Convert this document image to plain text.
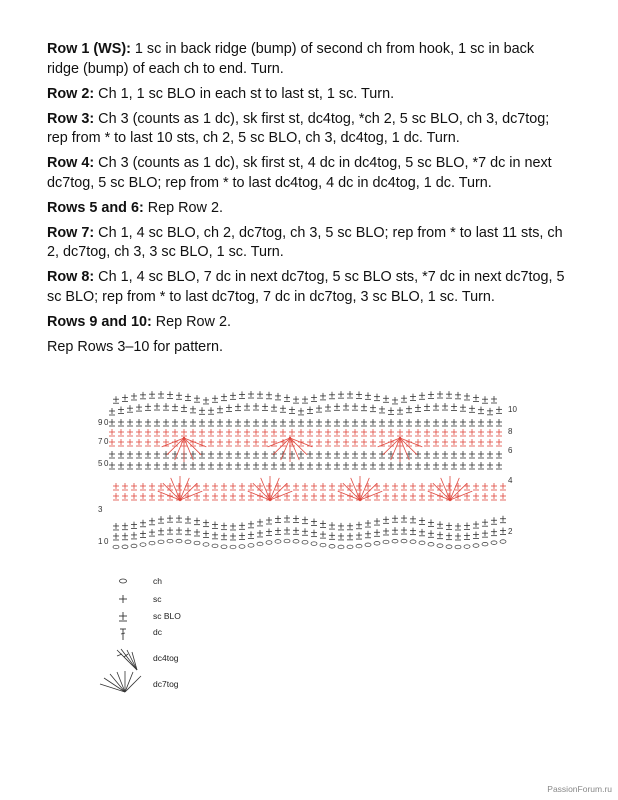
Row 1 (WS): 1 sc in back ridge (bump) of second ch from hook, 1 sc in back ridge (bump) of each ch to end. Turn.

Row 2: Ch 1, 1 sc BLO in each st to last st, 1 sc. Turn.

Row 3: Ch 3 (counts as 1 dc), sk first st, dc4tog, *ch 2, 5 sc BLO, ch 3, dc7tog; rep from * to last 10 sts, ch 2, 5 sc BLO, ch 3, dc4tog, 1 dc. Turn.

Row 4: Ch 3 (counts as 1 dc), sk first st, 4 dc in dc4tog, 5 sc BLO, *7 dc in next dc7tog, 5 sc BLO; rep from * to last dc4tog, 4 dc in dc4tog, 1 dc. Turn.

Rows 5 and 6: Rep Row 2.

Row 7: Ch 1, 4 sc BLO, ch 2, dc7tog, ch 3, 5 sc BLO; rep from * to last 11 sts, ch 2, dc7tog, ch 3, 3 sc BLO, 1 sc. Turn.

Row 8: Ch 1, 4 sc BLO, 7 dc in next dc7tog, 5 sc BLO sts, *7 dc in next dc7tog, 5 sc BLO; rep from * to last dc7tog, 7 dc in dc7tog, 3 sc BLO, 1 sc. Turn.

Rows 9 and 10: Rep Row 2.

Rep Rows 3–10 for pattern.

9 0
7 0
5 0
3
1 0
10
8
6
4
2
ch
sc
sc BLO
dc
dc4tog
dc7tog
PassionForum.ru
